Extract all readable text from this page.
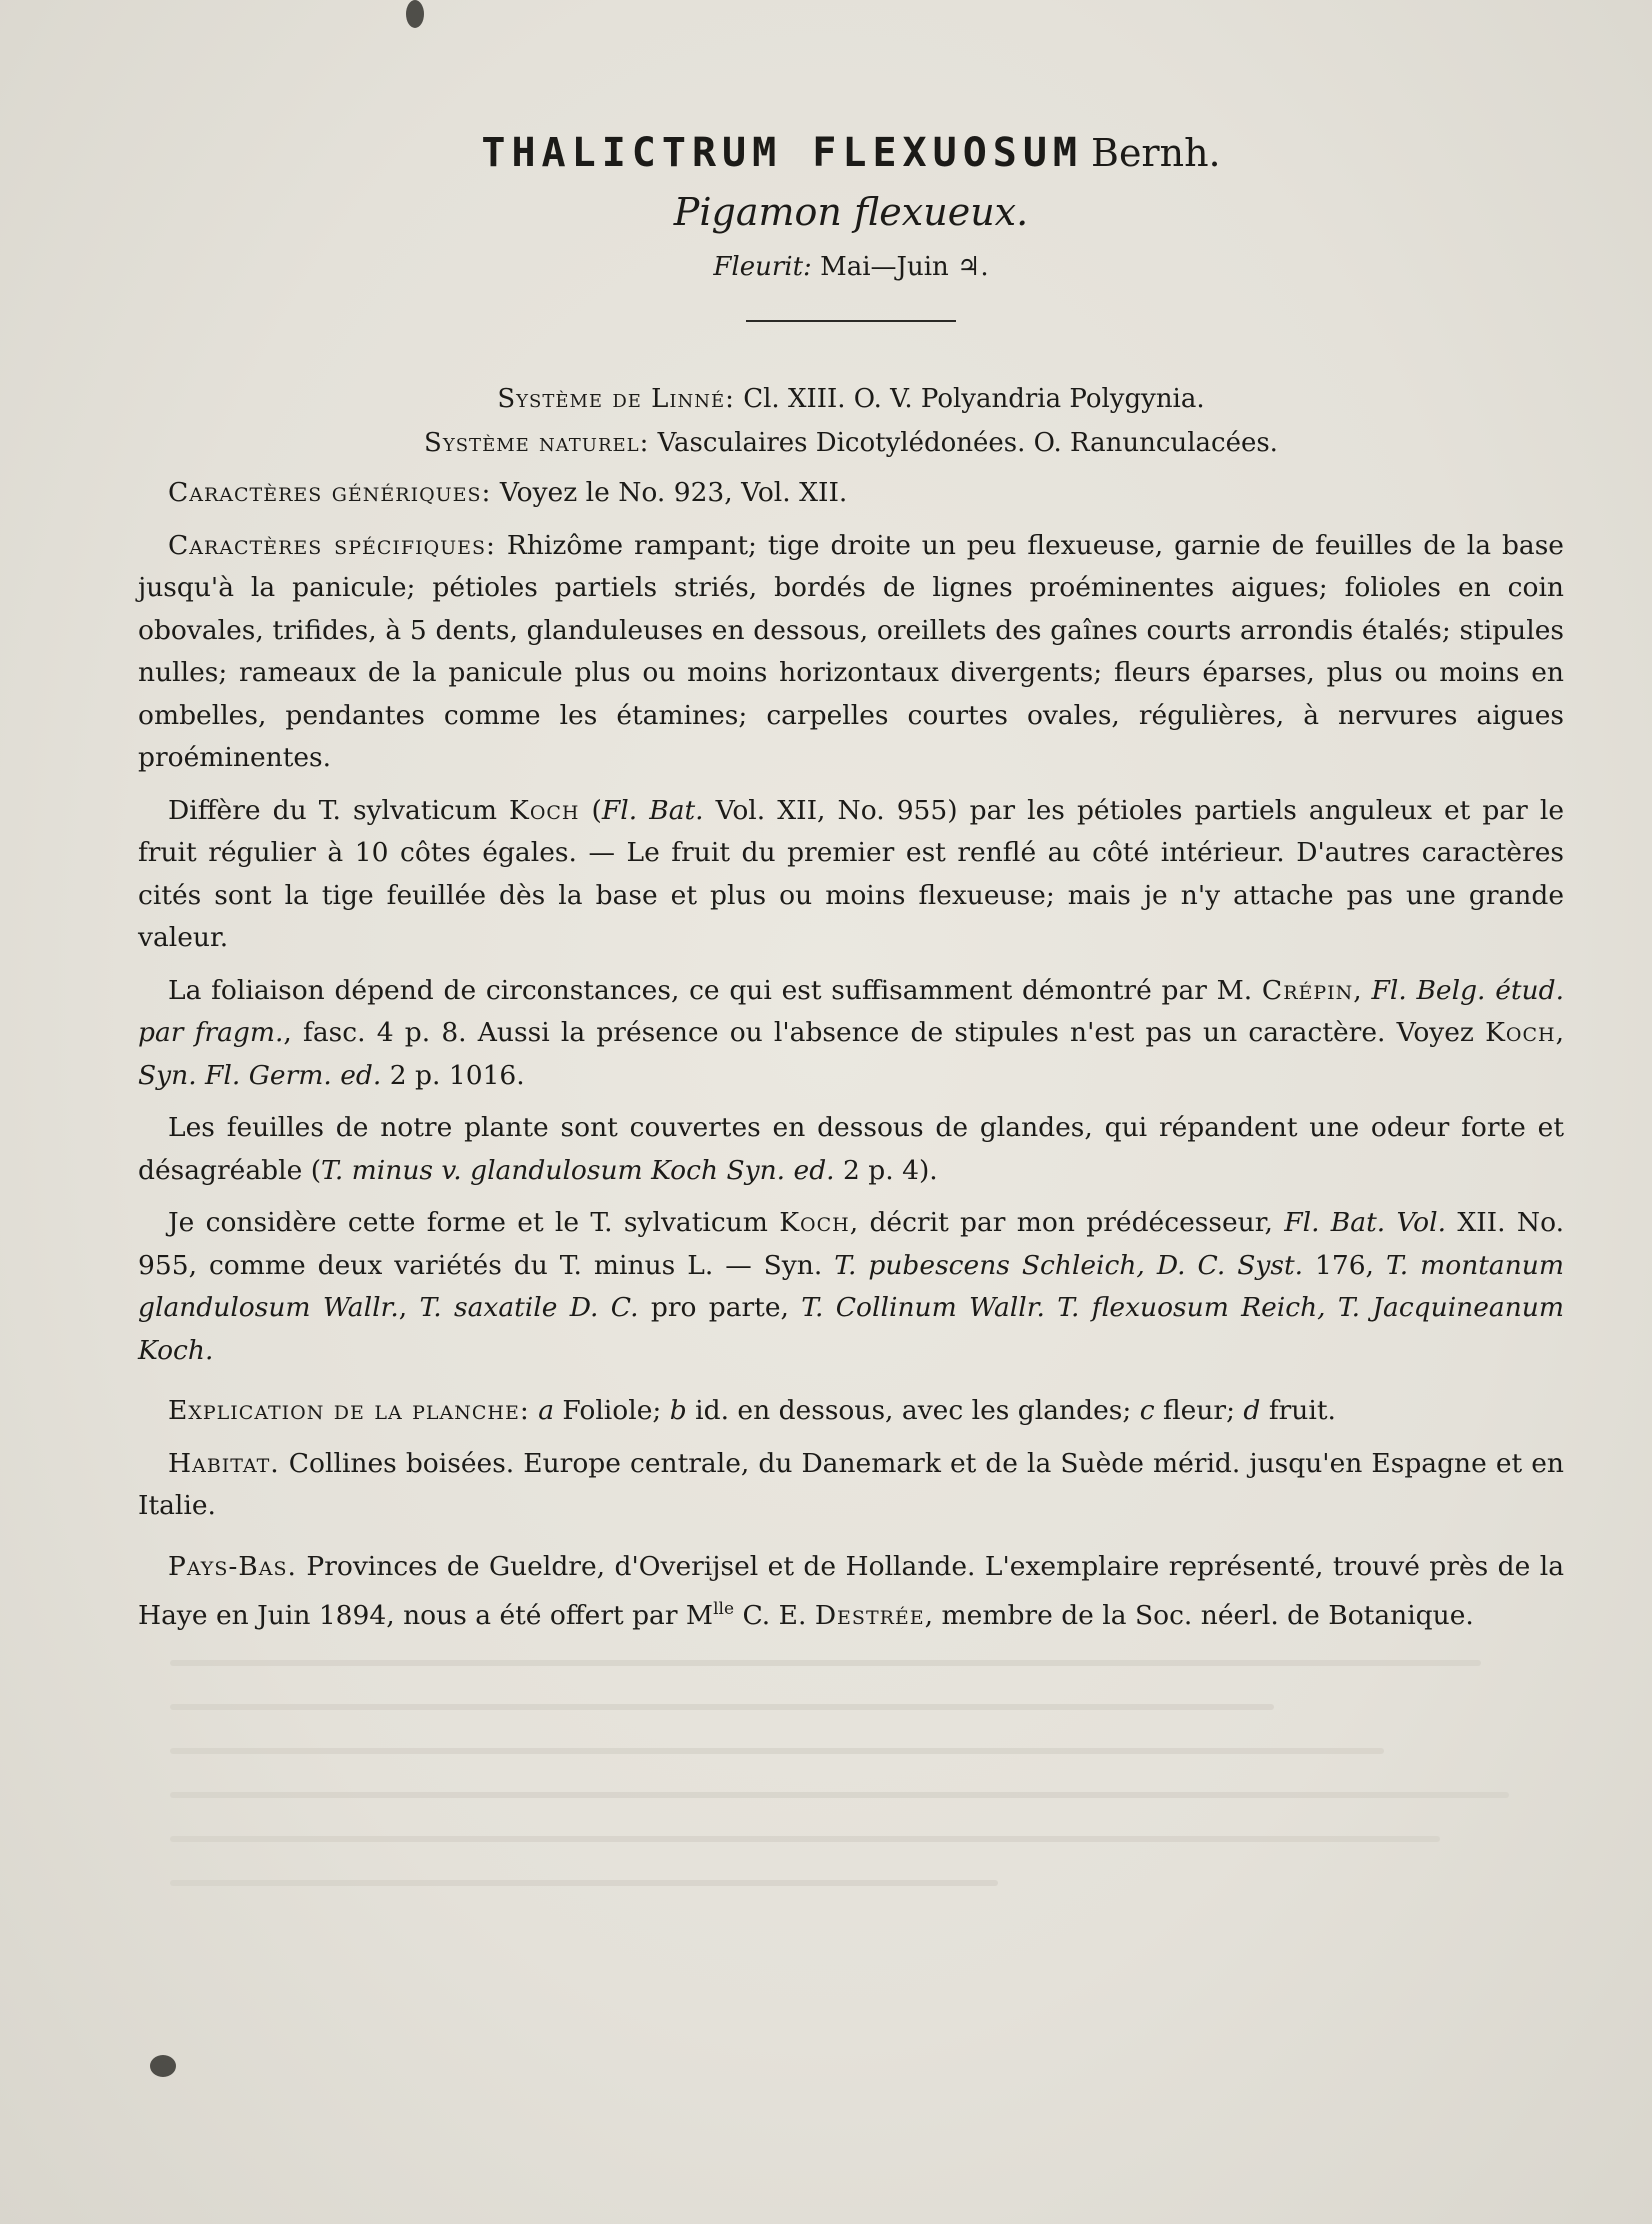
THALICTRUM FLEXUOSUM Bernh.

Pigamon flexueux.

Fleurit: Mai—Juin ♃.

Système de Linné: Cl. XIII. O. V. Polyandria Polygynia.

Système naturel: Vasculaires Dicotylédonées. O. Ranunculacées.

Caractères génériques: Voyez le No. 923, Vol. XII.

Caractères spécifiques: Rhizôme rampant; tige droite un peu flexueuse, garnie de feuilles de la base jusqu'à la panicule; pétioles partiels striés, bordés de lignes proéminentes aigues; folioles en coin obovales, trifides, à 5 dents, glanduleuses en dessous, oreillets des gaînes courts arrondis étalés; stipules nulles; rameaux de la panicule plus ou moins horizontaux divergents; fleurs éparses, plus ou moins en ombelles, pendantes comme les étamines; carpelles courtes ovales, régulières, à nervures aigues proéminentes.

Diffère du T. sylvaticum Koch (Fl. Bat. Vol. XII, No. 955) par les pétioles partiels anguleux et par le fruit régulier à 10 côtes égales. — Le fruit du premier est renflé au côté intérieur. D'autres caractères cités sont la tige feuillée dès la base et plus ou moins flexueuse; mais je n'y attache pas une grande valeur.

La foliaison dépend de circonstances, ce qui est suffisamment démontré par M. Crépin, Fl. Belg. étud. par fragm., fasc. 4 p. 8. Aussi la présence ou l'absence de stipules n'est pas un caractère. Voyez Koch, Syn. Fl. Germ. ed. 2 p. 1016.

Les feuilles de notre plante sont couvertes en dessous de glandes, qui répandent une odeur forte et désagréable (T. minus v. glandulosum Koch Syn. ed. 2 p. 4).

Je considère cette forme et le T. sylvaticum Koch, décrit par mon prédécesseur, Fl. Bat. Vol. XII. No. 955, comme deux variétés du T. minus L. — Syn. T. pubescens Schleich, D. C. Syst. 176, T. montanum glandulosum Wallr., T. saxatile D. C. pro parte, T. Collinum Wallr. T. flexuosum Reich, T. Jacquineanum Koch.

Explication de la planche: a Foliole; b id. en dessous, avec les glandes; c fleur; d fruit.

Habitat. Collines boisées. Europe centrale, du Danemark et de la Suède mérid. jusqu'en Espagne et en Italie.

Pays-Bas. Provinces de Gueldre, d'Overijsel et de Hollande. L'exemplaire représenté, trouvé près de la Haye en Juin 1894, nous a été offert par $M^{lle}$ C. E. Destrée, membre de la Soc. néerl. de Botanique.
